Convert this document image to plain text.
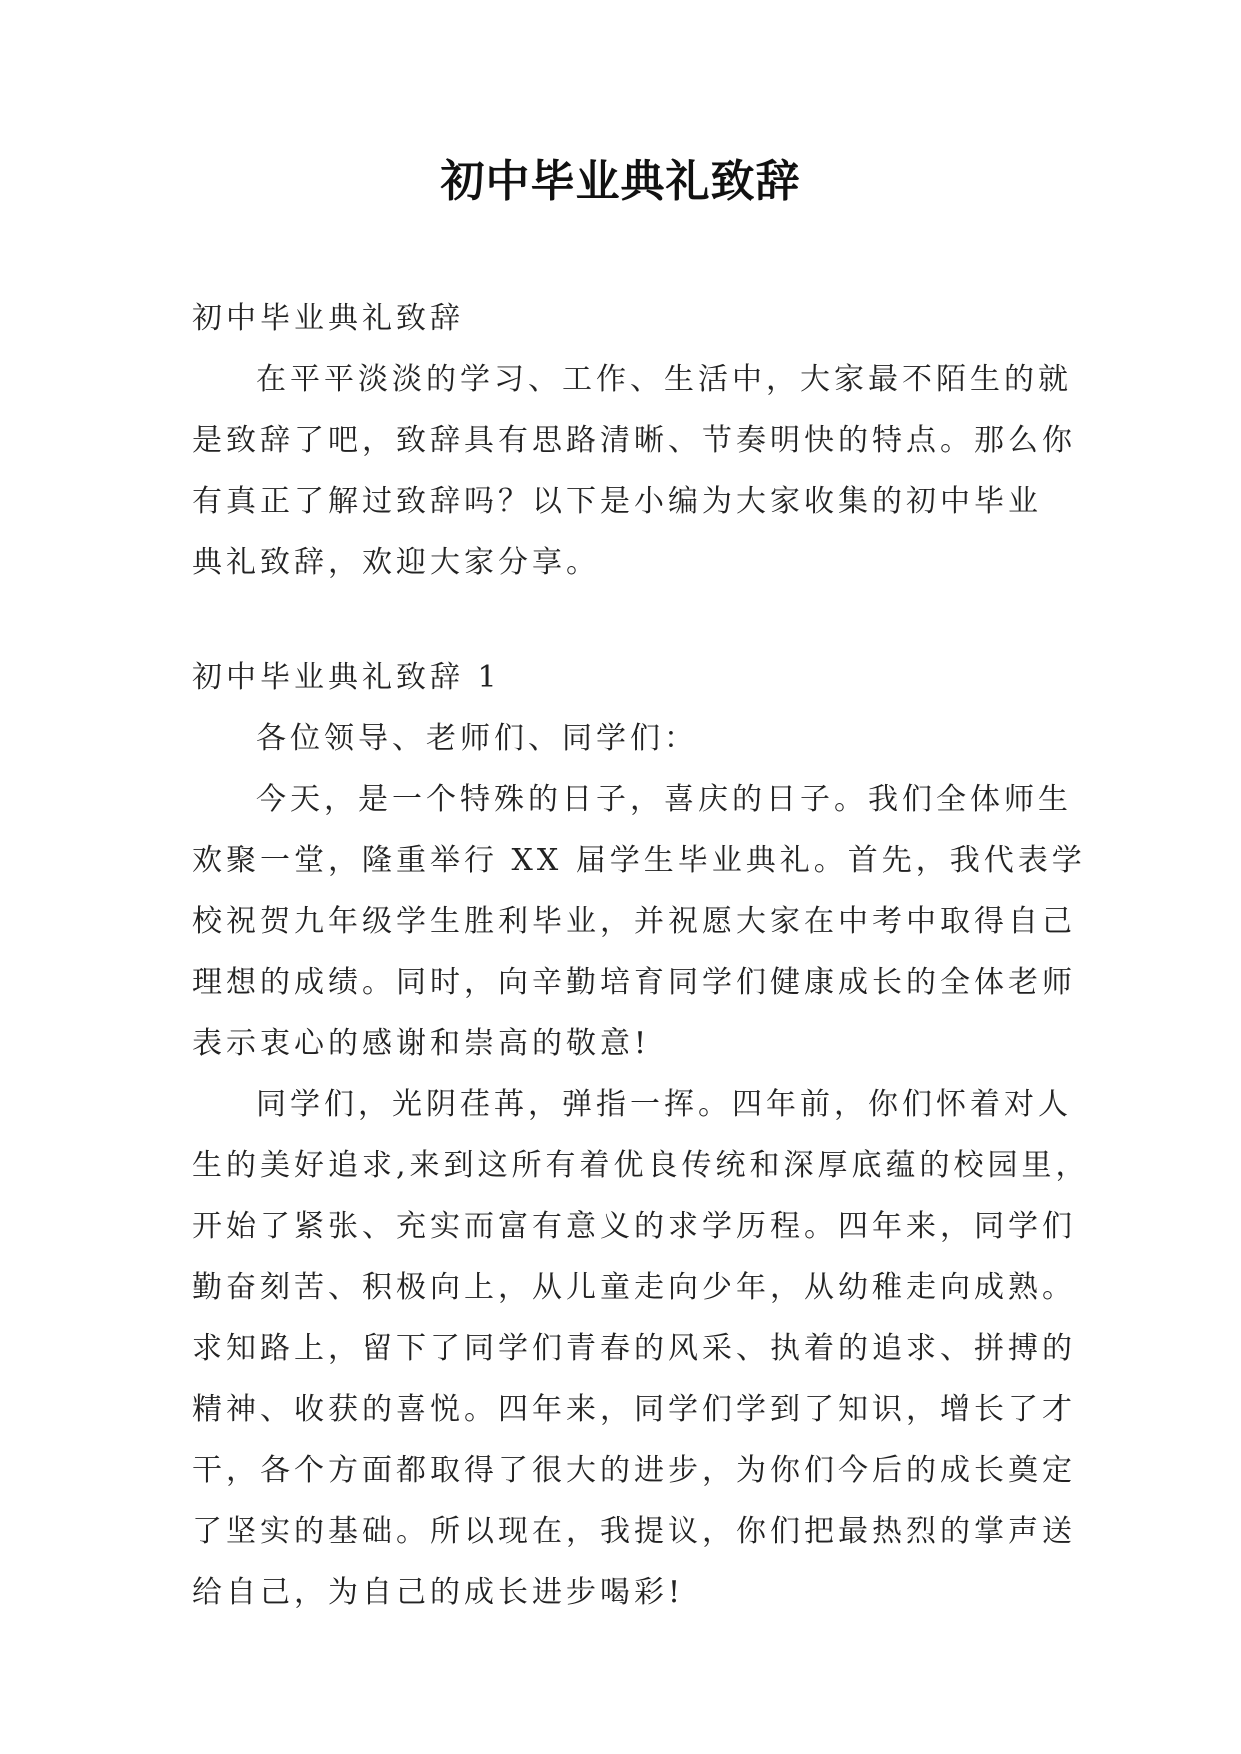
初中毕业典礼致辞

初中毕业典礼致辞

在平平淡淡的学习、工作、生活中，大家最不陌生的就

是致辞了吧，致辞具有思路清晰、节奏明快的特点。那么你

有真正了解过致辞吗？以下是小编为大家收集的初中毕业

典礼致辞，欢迎大家分享。

初中毕业典礼致辞 1

各位领导、老师们、同学们：

今天，是一个特殊的日子，喜庆的日子。我们全体师生

欢聚一堂，隆重举行 XX 届学生毕业典礼。首先，我代表学

校祝贺九年级学生胜利毕业，并祝愿大家在中考中取得自己

理想的成绩。同时，向辛勤培育同学们健康成长的全体老师

表示衷心的感谢和崇高的敬意!

同学们，光阴荏苒，弹指一挥。四年前，你们怀着对人

生的美好追求,来到这所有着优良传统和深厚底蕴的校园里，

开始了紧张、充实而富有意义的求学历程。四年来，同学们

勤奋刻苦、积极向上，从儿童走向少年，从幼稚走向成熟。

求知路上，留下了同学们青春的风采、执着的追求、拼搏的

精神、收获的喜悦。四年来，同学们学到了知识，增长了才

干，各个方面都取得了很大的进步，为你们今后的成长奠定

了坚实的基础。所以现在，我提议，你们把最热烈的掌声送

给自己，为自己的成长进步喝彩!
